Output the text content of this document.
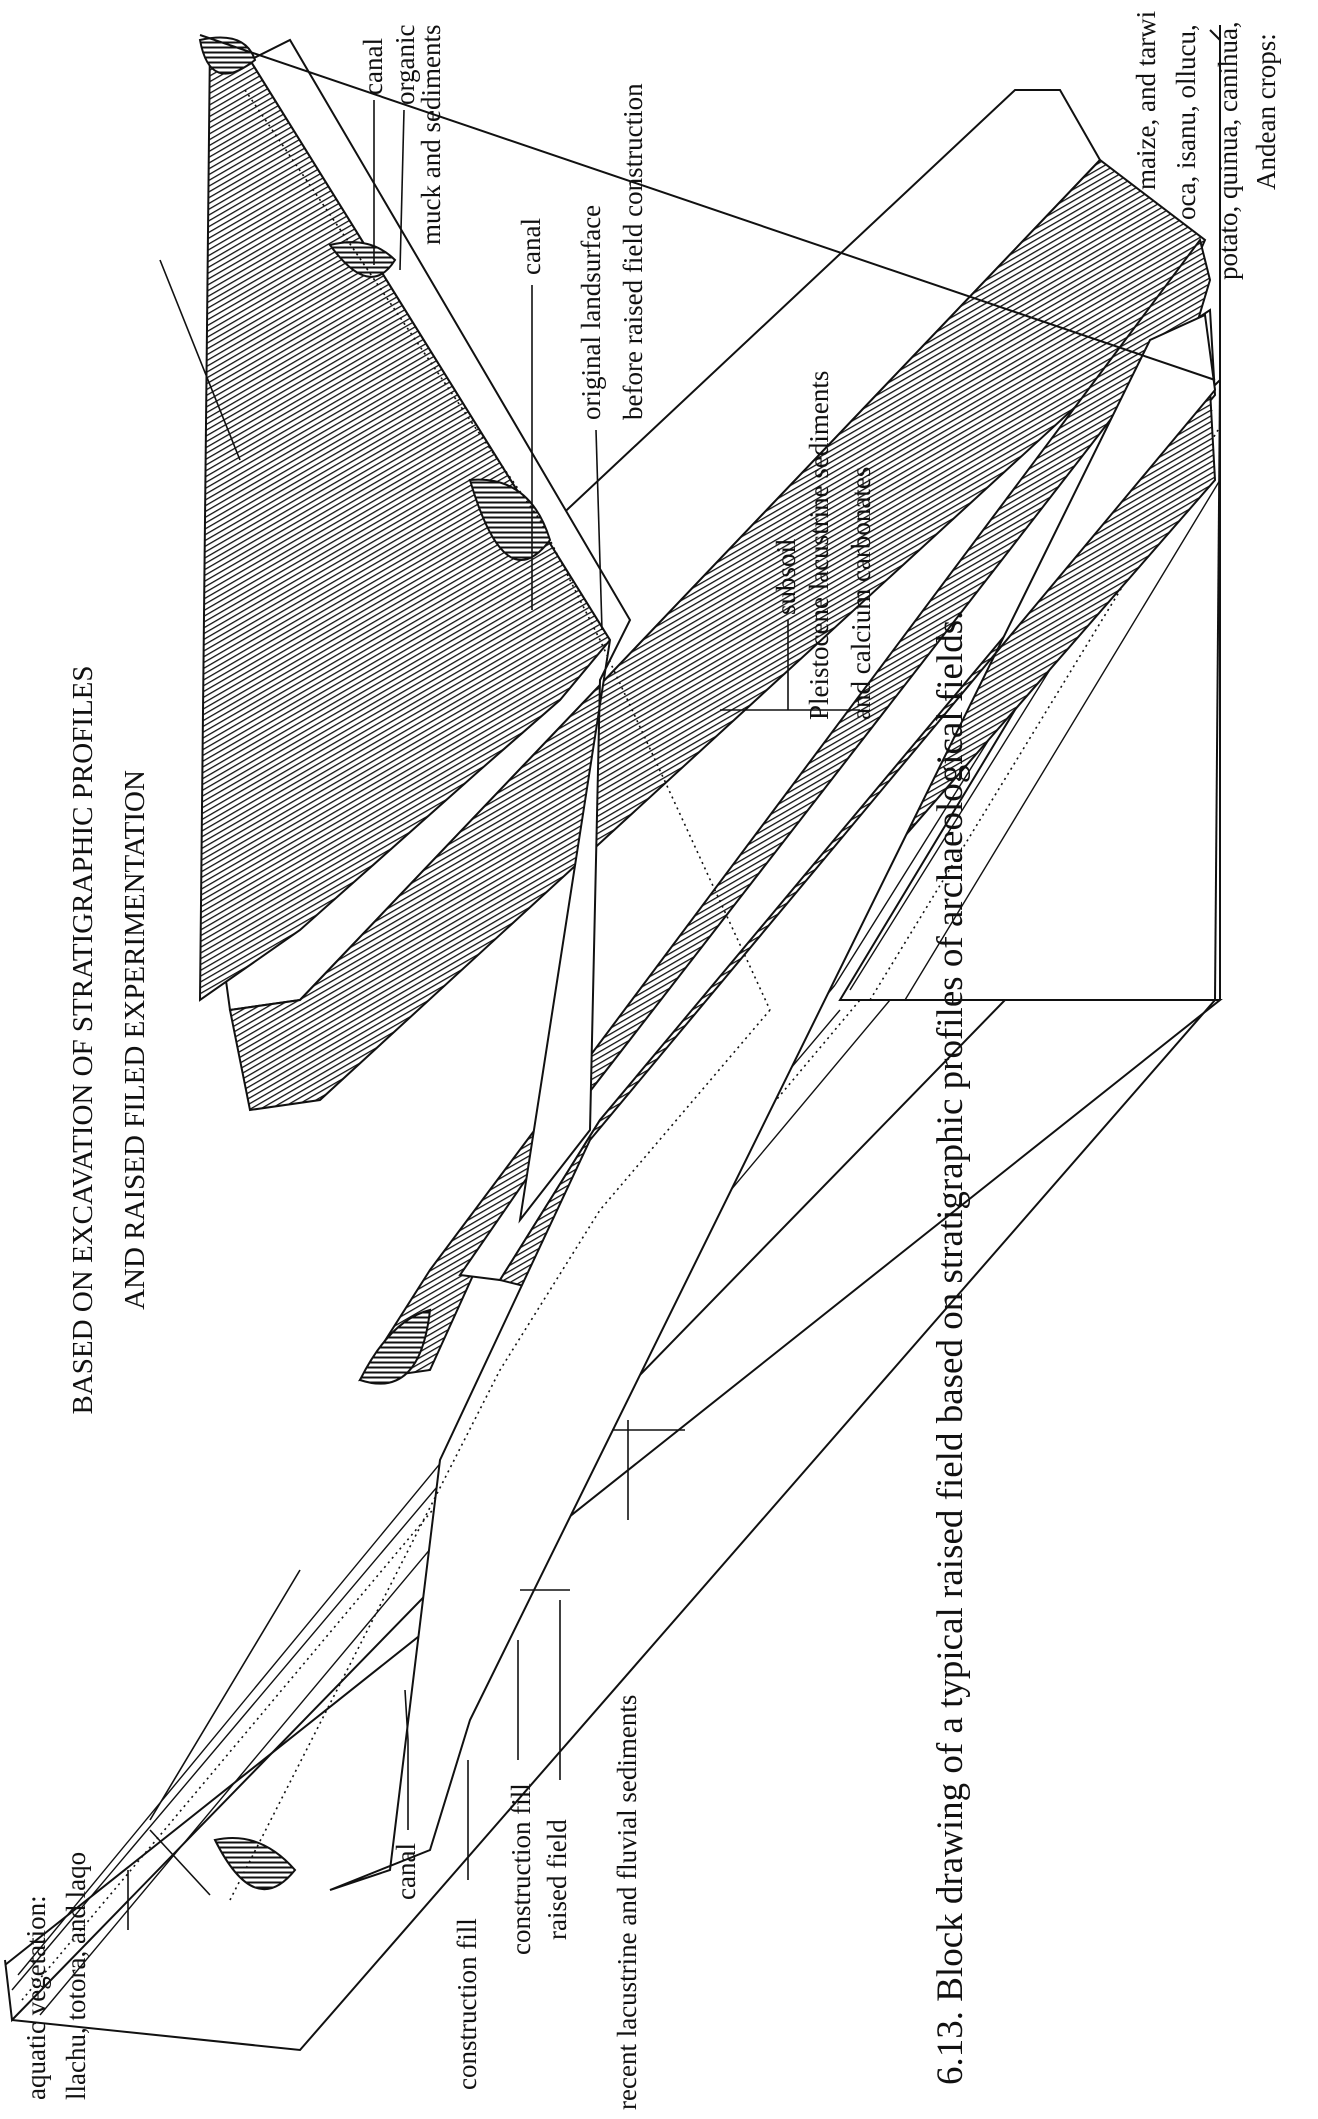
BASED ON EXCAVATION OF STRATIGRAPHIC PROFILES AND RAISED FILED EXPERIMENTATION
aquatic vegetation: llachu, totora, and laqo	canal
construction fill
construction fill raised field recent lacustrine and fluvial sediments
Andean crops:
potato, quinua, canihua,
oca, isanu, ollucu,
maize, and tarwi
canal organic
muck and sediments
canal original landsurface before raised field construction
subsoil Pleistocene lacustrine sediments and calcium carbonates
6.13. Block drawing of a typical raised field based on stratigraphic profiles of archaeological fields.
